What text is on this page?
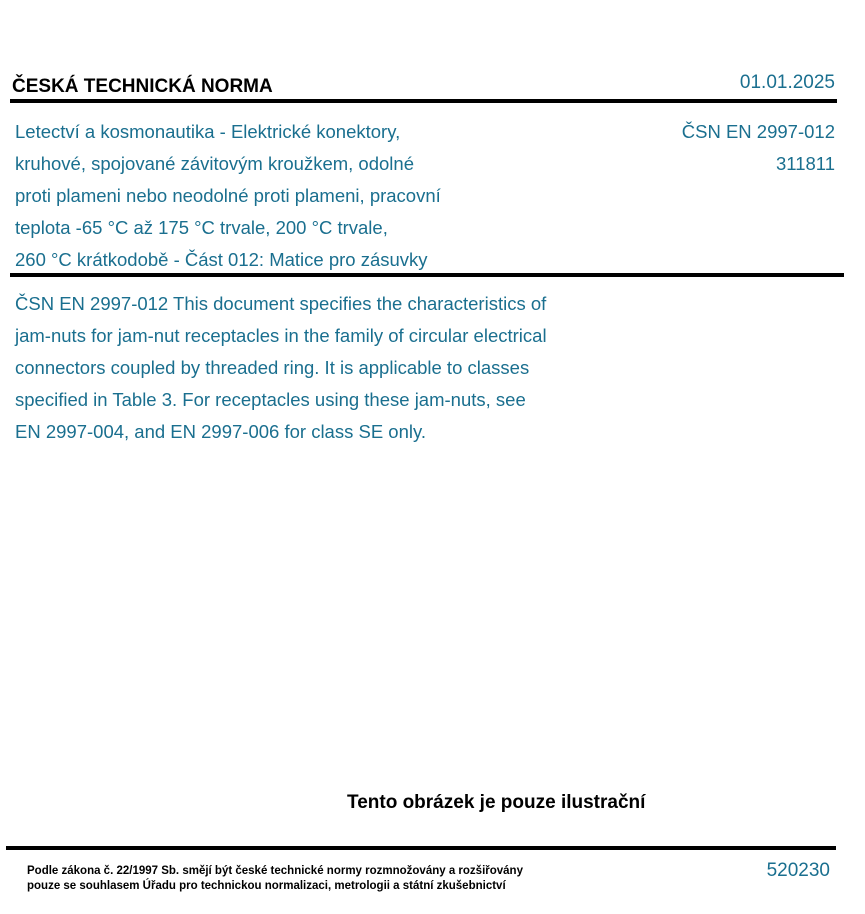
ČESKÁ TECHNICKÁ NORMA	01.01.2025
Letectví a kosmonautika - Elektrické konektory,
kruhové, spojované závitovým kroužkem, odolné
proti plameni nebo neodolné proti plameni, pracovní
teplota -65 °C až 175 °C trvale, 200 °C trvale,
260 °C krátkodobě - Část 012: Matice pro zásuvky
ČSN EN 2997-012
311811
ČSN EN 2997-012 This document specifies the characteristics of
jam-nuts for jam-nut receptacles in the family of circular electrical
connectors coupled by threaded ring. It is applicable to classes
specified in Table 3. For receptacles using these jam-nuts, see
EN 2997-004, and EN 2997-006 for class SE only.
Tento obrázek je pouze ilustrační
Podle zákona č. 22/1997 Sb. smějí být české technické normy rozmnožovány a rozšiřovány
pouze se souhlasem Úřadu pro technickou normalizaci, metrologii a státní zkušebnictví
520230
